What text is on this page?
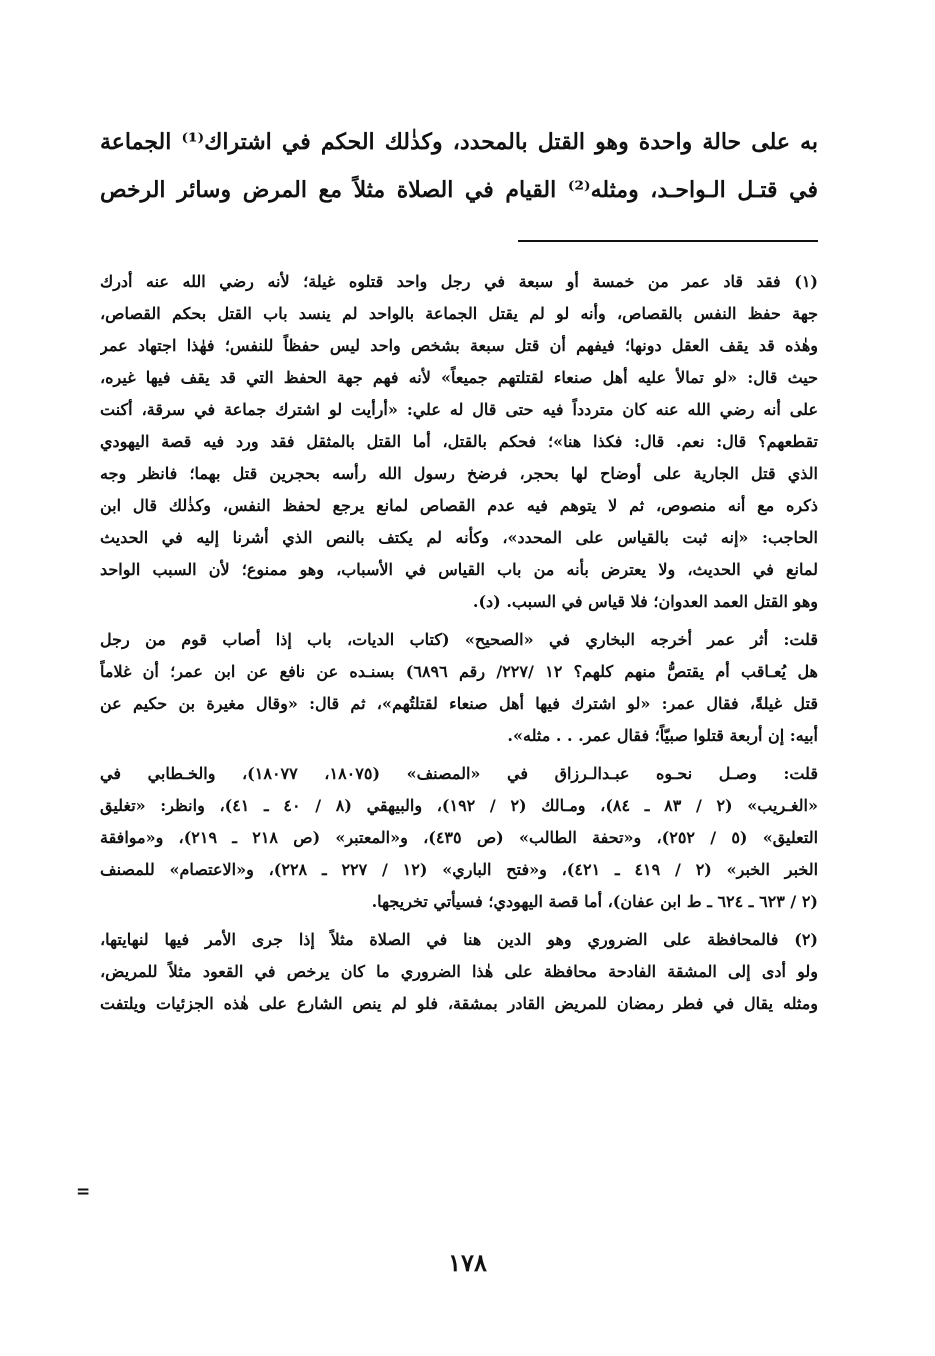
به على حالة واحدة وهو القتل بالمحدد، وكذٰلك الحكم في اشتراك⁽¹⁾ الجماعة
في قتـل الـواحـد، ومثله⁽²⁾ القيام في الصلاة مثلاً مع المرض وسائر الرخص
(١) فقد قاد عمر من خمسة أو سبعة في رجل واحد قتلوه غيلة؛ لأنه رضي الله عنه أدرك
جهة حفظ النفس بالقصاص، وأنه لو لم يقتل الجماعة بالواحد لم ينسد باب القتل بحكم القصاص،
وهٰذه قد يقف العقل دونها؛ فيفهم أن قتل سبعة بشخص واحد ليس حفظاً للنفس؛ فهٰذا اجتهاد عمر
حيث قال: «لو تمالأ عليه أهل صنعاء لقتلتهم جميعاً» لأنه فهم جهة الحفظ التي قد يقف فيها غيره،
على أنه رضي الله عنه كان متردداً فيه حتى قال له علي: «أرأيت لو اشترك جماعة في سرقة، أكنت
تقطعهم؟ قال: نعم. قال: فكذا هنا»؛ فحكم بالقتل، أما القتل بالمثقل فقد ورد فيه قصة اليهودي
الذي قتل الجارية على أوضاح لها بحجر، فرضخ رسول الله رأسه بحجرين قتل بهما؛ فانظر وجه
ذكره مع أنه منصوص، ثم لا يتوهم فيه عدم القصاص لمانع يرجع لحفظ النفس، وكذٰلك قال ابن
الحاجب: «إنه ثبت بالقياس على المحدد»، وكأنه لم يكتف بالنص الذي أشرنا إليه في الحديث
لمانع في الحديث، ولا يعترض بأنه من باب القياس في الأسباب، وهو ممنوع؛ لأن السبب الواحد
وهو القتل العمد العدوان؛ فلا قياس في السبب. (د).
قلت: أثر عمر أخرجه البخاري في «الصحيح» (كتاب الديات، باب إذا أصاب قوم من رجل
هل يُعـاقب أم يقتصُّ منهم كلهم؟ ١٢ /٢٢٧/ رقم ٦٨٩٦) بسنـده عن نافع عن ابن عمر؛ أن غلاماً
قتل غيلةً، فقال عمر: «لو اشترك فيها أهل صنعاء لقتلتُهم»، ثم قال: «وقال مغيرة بن حكيم عن
أبيه: إن أربعة قتلوا صبيّاً؛ فقال عمر. . . مثله».
قلت: وصـل نحـوه عبـدالـرزاق في «المصنف» (١٨٠٧٥، ١٨٠٧٧)، والخـطابي في
«الغـريب» (٢ / ٨٣ ـ ٨٤)، ومـالك (٢ / ١٩٢)، والبيهقي (٨ / ٤٠ ـ ٤١)، وانظر: «تغليق
التعليق» (٥ / ٢٥٢)، و«تحفة الطالب» (ص ٤٣٥)، و«المعتبر» (ص ٢١٨ ـ ٢١٩)، و«موافقة
الخبر الخبر» (٢ / ٤١٩ ـ ٤٢١)، و«فتح الباري» (١٢ / ٢٢٧ ـ ٢٢٨)، و«الاعتصام» للمصنف
(٢ / ٦٢٣ ـ ٦٢٤ ـ ط ابن عفان)، أما قصة اليهودي؛ فسيأتي تخريجها.
(٢) فالمحافظة على الضروري وهو الدين هنا في الصلاة مثلاً إذا جرى الأمر فيها لنهايتها،
ولو أدى إلى المشقة الفادحة محافظة على هٰذا الضروري ما كان يرخص في القعود مثلاً للمريض،
ومثله يقال في فطر رمضان للمريض القادر بمشقة، فلو لم ينص الشارع على هٰذه الجزئيات ويلتفت
=
١٧٨
